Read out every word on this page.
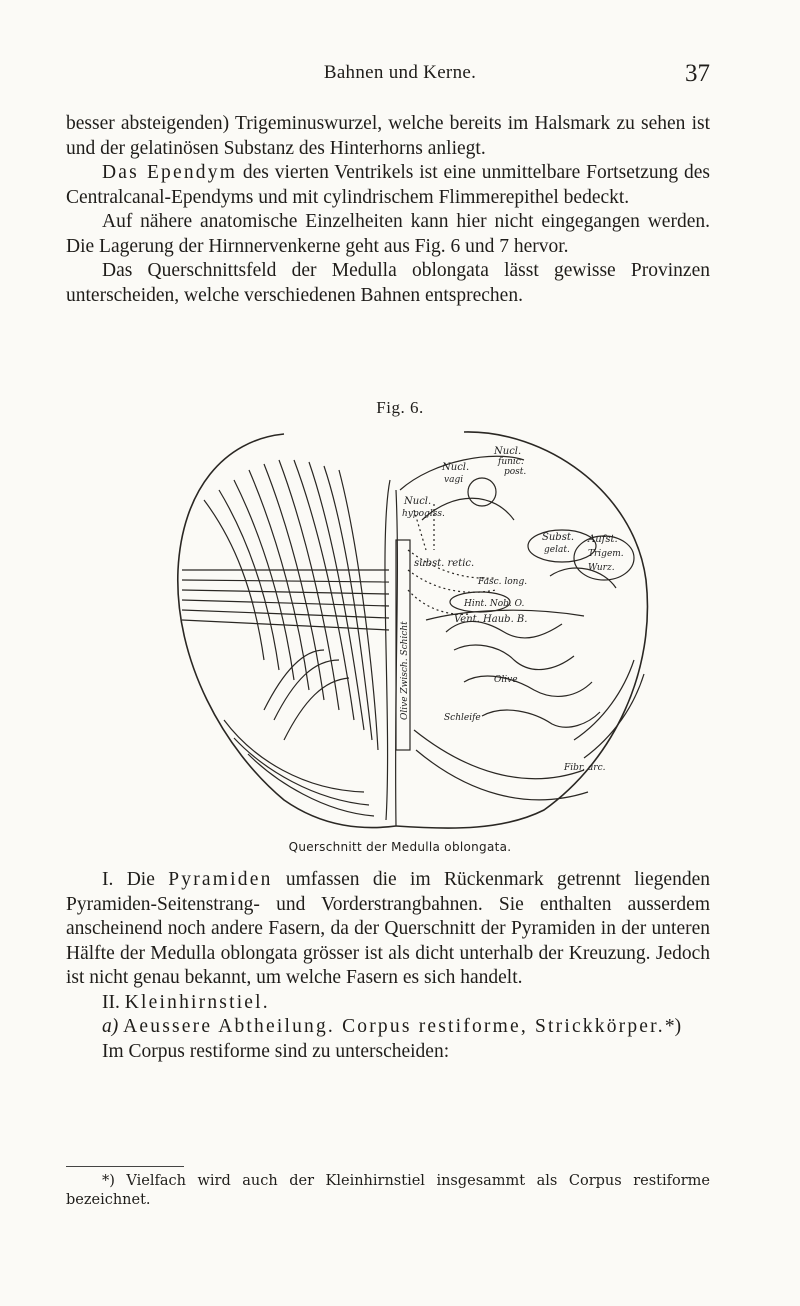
Bahnen und Kerne.	37

besser absteigenden) Trigeminuswurzel, welche bereits im Halsmark zu sehen ist und der gelatinösen Substanz des Hinterhorns anliegt.

Das Ependym des vierten Ventrikels ist eine unmittelbare Fortsetzung des Centralcanal-Ependyms und mit cylindrischem Flimmerepithel bedeckt.

Auf nähere anatomische Einzelheiten kann hier nicht eingegangen werden. Die Lagerung der Hirnnervenkerne geht aus Fig. 6 und 7 hervor.

Das Querschnittsfeld der Medulla oblongata lässt gewisse Provinzen unterscheiden, welche verschiedenen Bahnen entsprechen.

Fig. 6.
Nucl.
funic.
post.
Nucl.
vagi
Nucl.
hypoglss.
Subst.
gelat.
Aufst.
Trigem.
Wurz.
subst. retic.
Fasc. long.
Vent. Haub. B.
Hint. Nob. O.
Olive
Schleife
Fibr. arc.
Olive Zwisch. Schicht
Querschnitt der Medulla oblongata.

I. Die Pyramiden umfassen die im Rückenmark getrennt liegenden Pyramiden-Seitenstrang- und Vorderstrangbahnen. Sie enthalten ausserdem anscheinend noch andere Fasern, da der Querschnitt der Pyramiden in der unteren Hälfte der Medulla oblongata grösser ist als dicht unterhalb der Kreuzung. Jedoch ist nicht genau bekannt, um welche Fasern es sich handelt.

II. Kleinhirnstiel.

a) Aeussere Abtheilung. Corpus restiforme, Strickkörper.*)

Im Corpus restiforme sind zu unterscheiden:

*) Vielfach wird auch der Kleinhirnstiel insgesammt als Corpus restiforme bezeichnet.
